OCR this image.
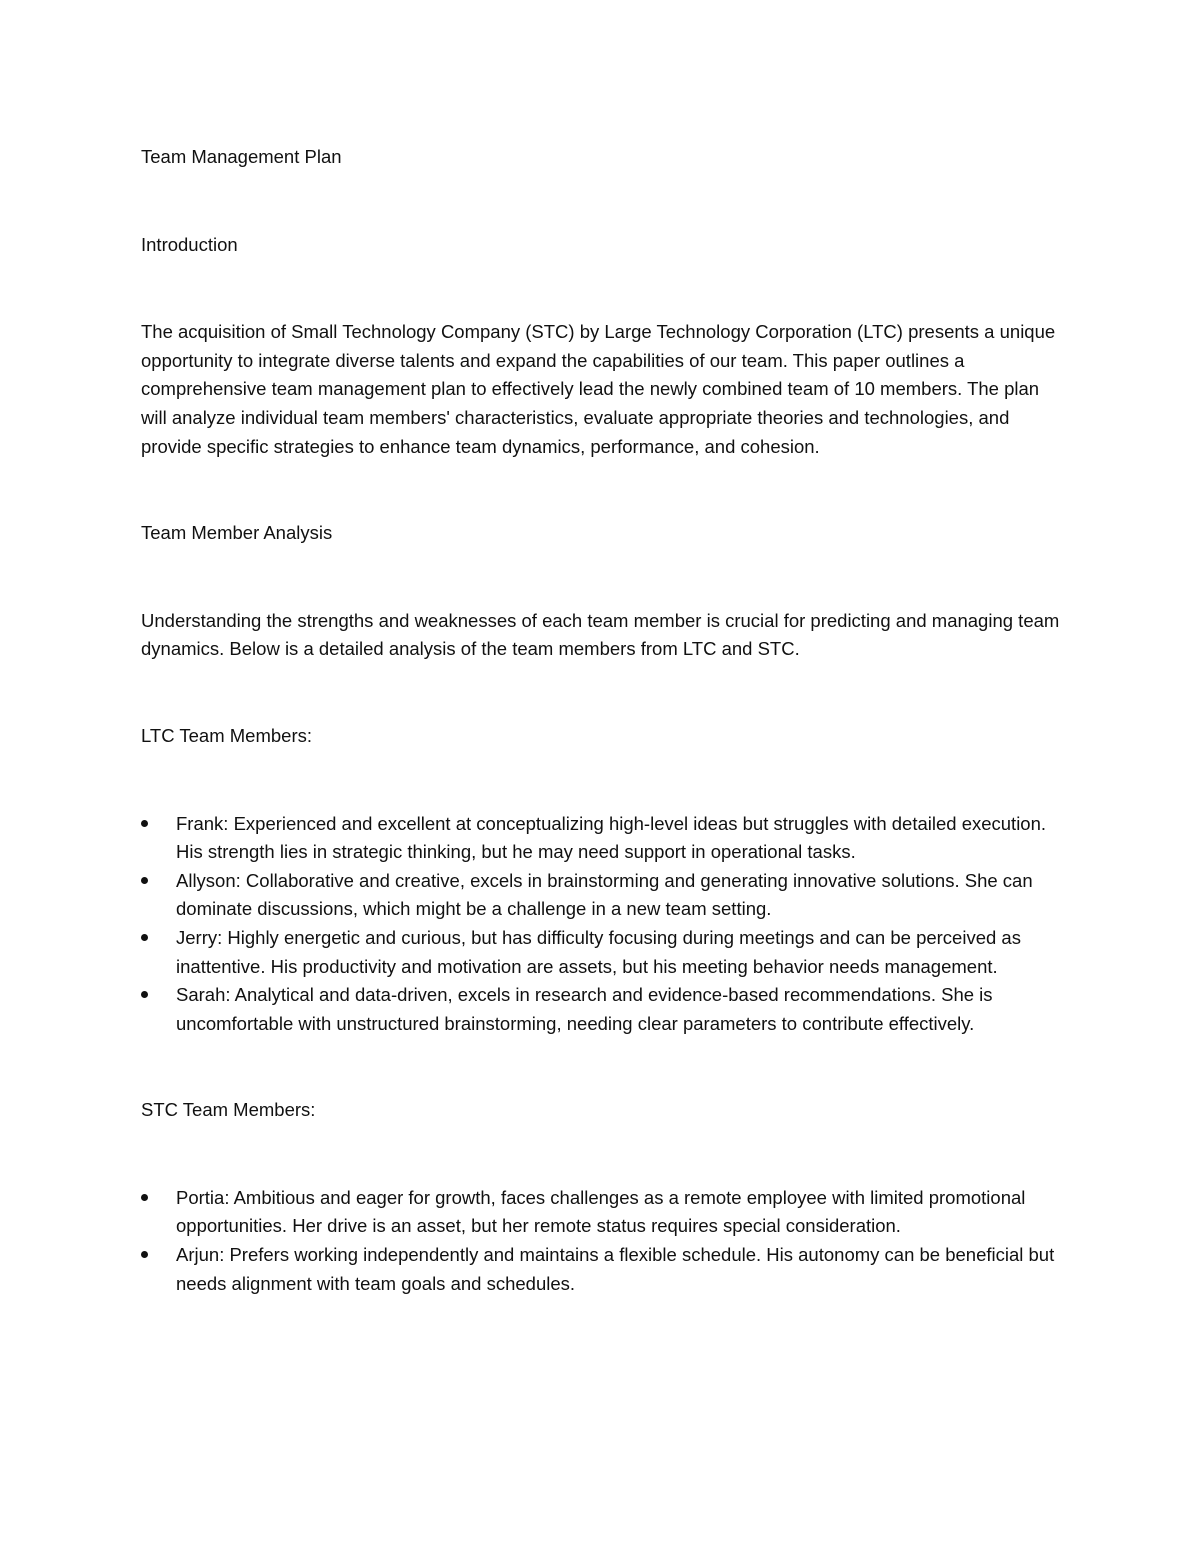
Team Management Plan

Introduction

The acquisition of Small Technology Company (STC) by Large Technology Corporation (LTC) presents a unique opportunity to integrate diverse talents and expand the capabilities of our team. This paper outlines a comprehensive team management plan to effectively lead the newly combined team of 10 members. The plan will analyze individual team members' characteristics, evaluate appropriate theories and technologies, and provide specific strategies to enhance team dynamics, performance, and cohesion.

Team Member Analysis

Understanding the strengths and weaknesses of each team member is crucial for predicting and managing team dynamics. Below is a detailed analysis of the team members from LTC and STC.

LTC Team Members:

Frank: Experienced and excellent at conceptualizing high-level ideas but struggles with detailed execution. His strength lies in strategic thinking, but he may need support in operational tasks.
Allyson: Collaborative and creative, excels in brainstorming and generating innovative solutions. She can dominate discussions, which might be a challenge in a new team setting.
Jerry: Highly energetic and curious, but has difficulty focusing during meetings and can be perceived as inattentive. His productivity and motivation are assets, but his meeting behavior needs management.
Sarah: Analytical and data-driven, excels in research and evidence-based recommendations. She is uncomfortable with unstructured brainstorming, needing clear parameters to contribute effectively.

STC Team Members:

Portia: Ambitious and eager for growth, faces challenges as a remote employee with limited promotional opportunities. Her drive is an asset, but her remote status requires special consideration.
Arjun: Prefers working independently and maintains a flexible schedule. His autonomy can be beneficial but needs alignment with team goals and schedules.
